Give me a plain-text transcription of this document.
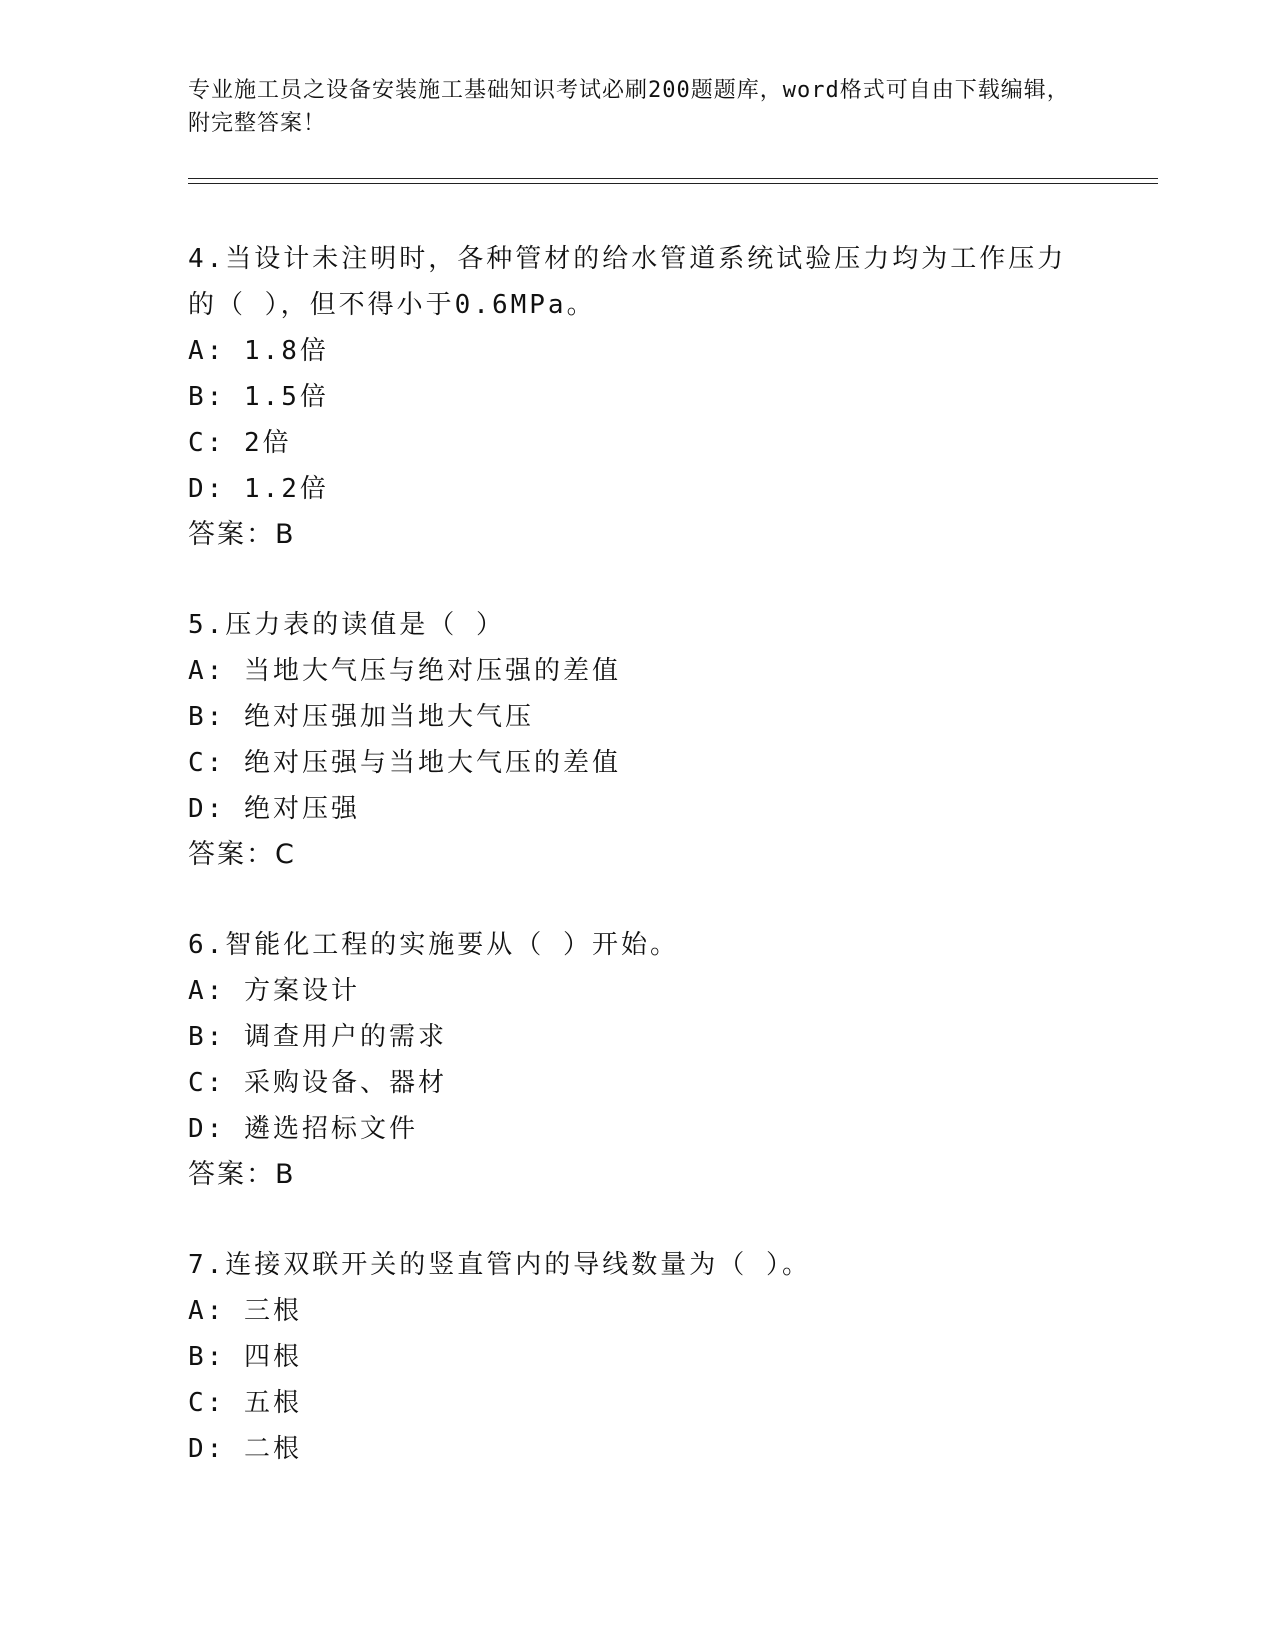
专业施工员之设备安装施工基础知识考试必刷200题题库，word格式可自由下载编辑，附完整答案！
4.当设计未注明时，各种管材的给水管道系统试验压力均为工作压力的（ ），但不得小于0.6MPa。
A: 1.8倍
B: 1.5倍
C: 2倍
D: 1.2倍
答案：B
5.压力表的读值是（ ）
A: 当地大气压与绝对压强的差值
B: 绝对压强加当地大气压
C: 绝对压强与当地大气压的差值
D: 绝对压强
答案：C
6.智能化工程的实施要从（ ）开始。
A: 方案设计
B: 调查用户的需求
C: 采购设备、器材
D: 遴选招标文件
答案：B
7.连接双联开关的竖直管内的导线数量为（ ）。
A: 三根
B: 四根
C: 五根
D: 二根
